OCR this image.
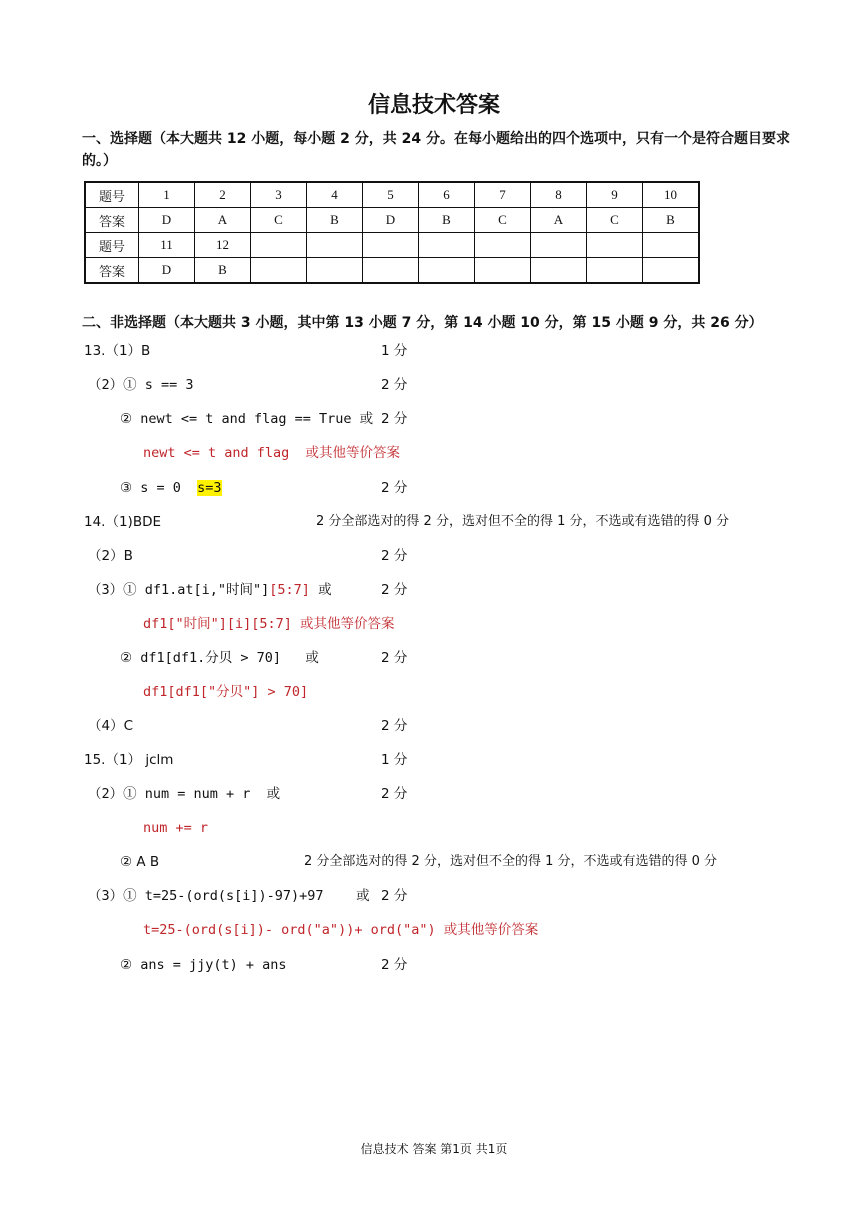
信息技术答案
一、选择题（本大题共 12 小题，每小题 2 分，共 24 分。在每小题给出的四个选项中，只有一个是符合题目要求的。）
题号	1	2	3	4	5	6	7	8	9	10
答案	D	A	C	B	D	B	C	A	C	B
题号	11	12								
答案	D	B								
二、非选择题（本大题共 3 小题，其中第 13 小题 7 分，第 14 小题 10 分，第 15 小题 9 分，共 26 分）
13.（1）B	1 分
（2）① s == 3	2 分
② newt <= t and flag == True 或 2 分
newt <= t and flag  或其他等价答案
③ s = 0  s=3	2 分
14.（1)BDE	2 分全部选对的得 2 分，选对但不全的得 1 分，不选或有选错的得 0 分
（2）B	2 分
（3）① df1.at[i,"时间"][5:7] 或	2 分
df1["时间"][i][5:7] 或其他等价答案
② df1[df1.分贝 > 70]   或	2 分
df1[df1["分贝"] > 70]
（4）C	2 分
15.（1） jclm	1 分
（2）① num = num + r  或	2 分
num += r
② A B	2 分全部选对的得 2 分，选对但不全的得 1 分，不选或有选错的得 0 分
（3）① t=25-(ord(s[i])-97)+97    或 2 分
t=25-(ord(s[i])- ord("a"))+ ord("a") 或其他等价答案
② ans = jjy(t) + ans	2 分
信息技术 答案 第1页 共1页
